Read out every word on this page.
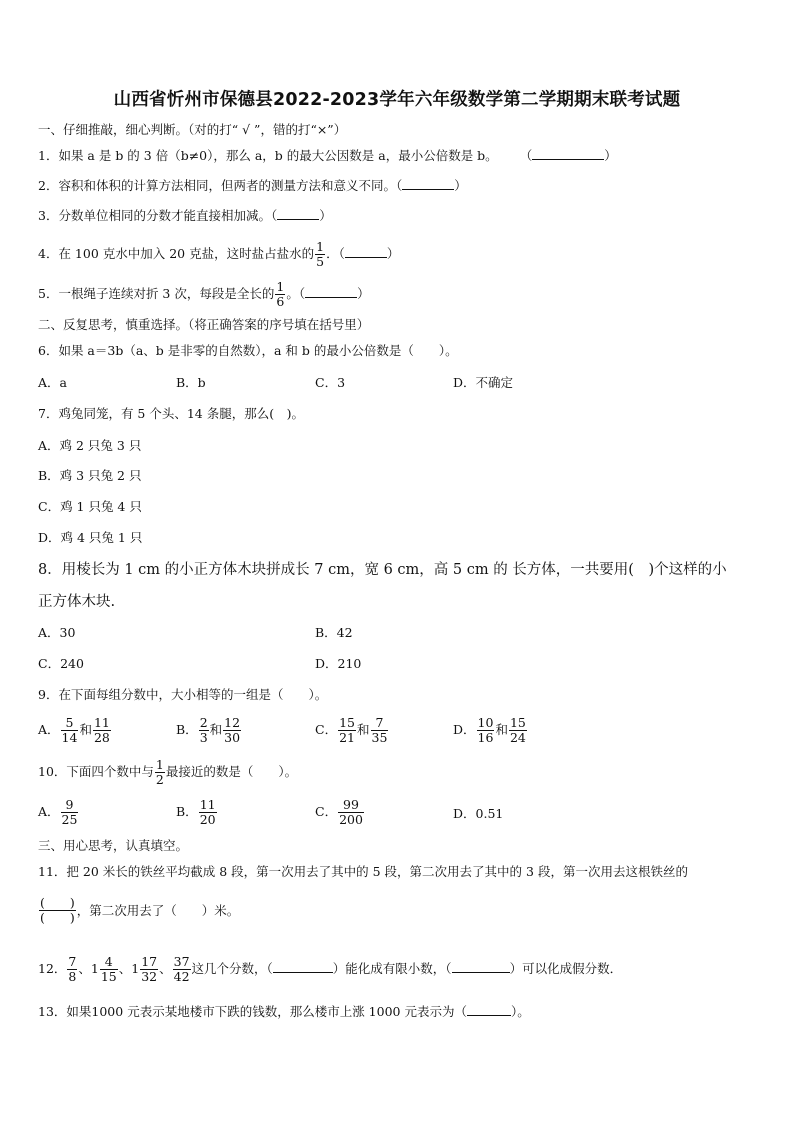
山西省忻州市保德县2022-2023学年六年级数学第二学期期末联考试题
一、仔细推敲，细心判断。（对的打“ √ ”，错的打“×”）
1．如果 a 是 b 的 3 倍（b≠0），那么 a，b 的最大公因数是 a，最小公倍数是 b。 （	）
2．容积和体积的计算方法相同，但两者的测量方法和意义不同。（	）
3．分数单位相同的分数才能直接相加减。（	）
4．在 100 克水中加入 20 克盐，这时盐占盐水的 $\frac{1}{5}$ ．（	）
5．一根绳子连续对折 3 次，每段是全长的 $\frac{1}{6}$ 。（	）
二、反复思考，慎重选择。（将正确答案的序号填在括号里）
6．如果 a＝3b（a、b 是非零的自然数），a 和 b 的最小公倍数是（　　）。
A．a	B．b	C．3	D．不确定
7．鸡兔同笼，有 5 个头、14 条腿，那么(　)。
A．鸡 2 只兔 3 只
B．鸡 3 只兔 2 只
C．鸡 1 只兔 4 只
D．鸡 4 只兔 1 只
8．用棱长为 1 cm 的小正方体木块拼成长 7 cm，宽 6 cm，高 5 cm 的 长方体，一共要用(　)个这样的小
正方体木块.
A．30	B．42
C．240	D．210
9．在下面每组分数中，大小相等的一组是（　　）。
A． $\frac{5}{14}$ 和 $\frac{11}{28}$	B． $\frac{2}{3}$ 和 $\frac{12}{30}$	C． $\frac{15}{21}$ 和 $\frac{7}{35}$	D． $\frac{10}{16}$ 和 $\frac{15}{24}$
10．下面四个数中与 $\frac{1}{2}$ 最接近的数是（　　）。
A． $\frac{9}{25}$	B． $\frac{11}{20}$	C． $\frac{99}{200}$	D．0.51
三、用心思考，认真填空。
11．把 20 米长的铁丝平均截成 8 段，第一次用去了其中的 5 段，第二次用去了其中的 3 段，第一次用去这根铁丝的
$\frac{( )}{( )}$ ，第二次用去了（　　）米。
12． $\frac{7}{8}$ 、$1 \frac{4}{15}$ 、$1 \frac{17}{32}$ 、 $\frac{37}{42}$ 这几个分数，（	）能化成有限小数，（	）可以化成假分数．
13．如果1000 元表示某地楼市下跌的钱数，那么楼市上涨 1000 元表示为（	）。
